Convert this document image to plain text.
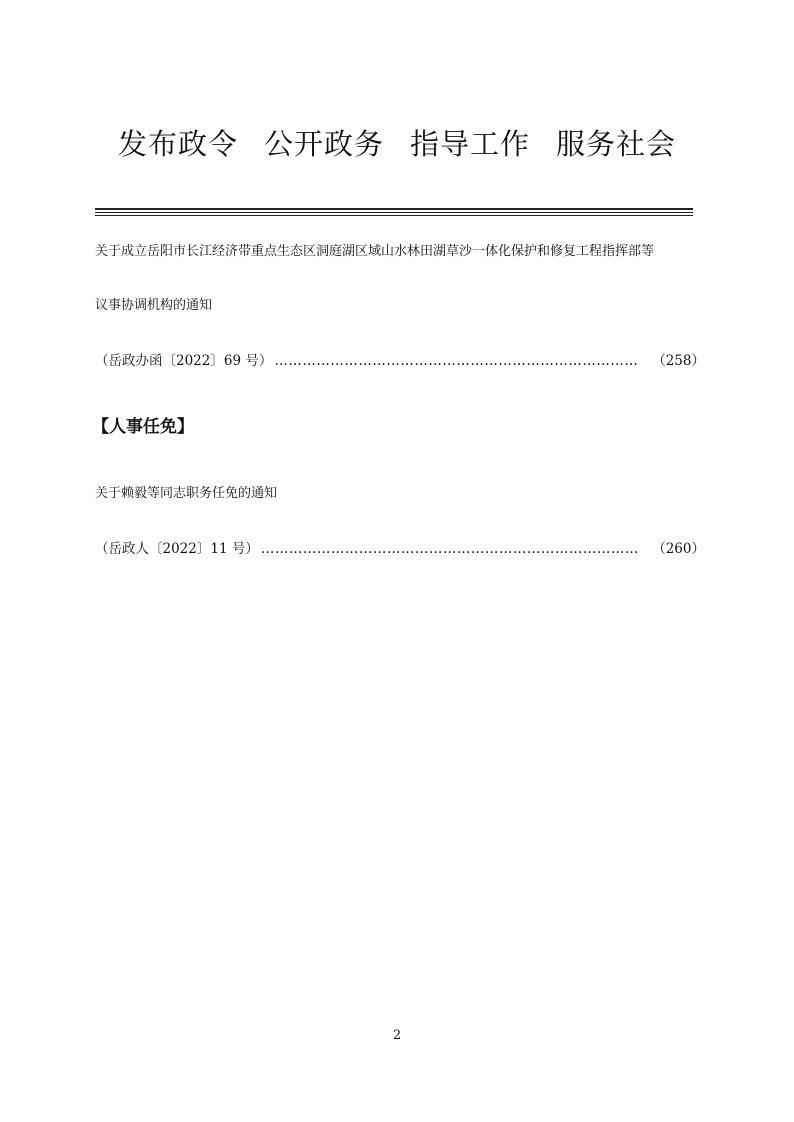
发布政令 公开政务 指导工作 服务社会
关于成立岳阳市长江经济带重点生态区洞庭湖区域山水林田湖草沙一体化保护和修复工程指挥部等
议事协调机构的通知
（岳政办函〔2022〕69 号） ……………………………………………………………………	（258）
【人事任免】
关于赖毅等同志职务任免的通知
（岳政人〔2022〕11 号） ……………………………………………………………………… （260）
2
